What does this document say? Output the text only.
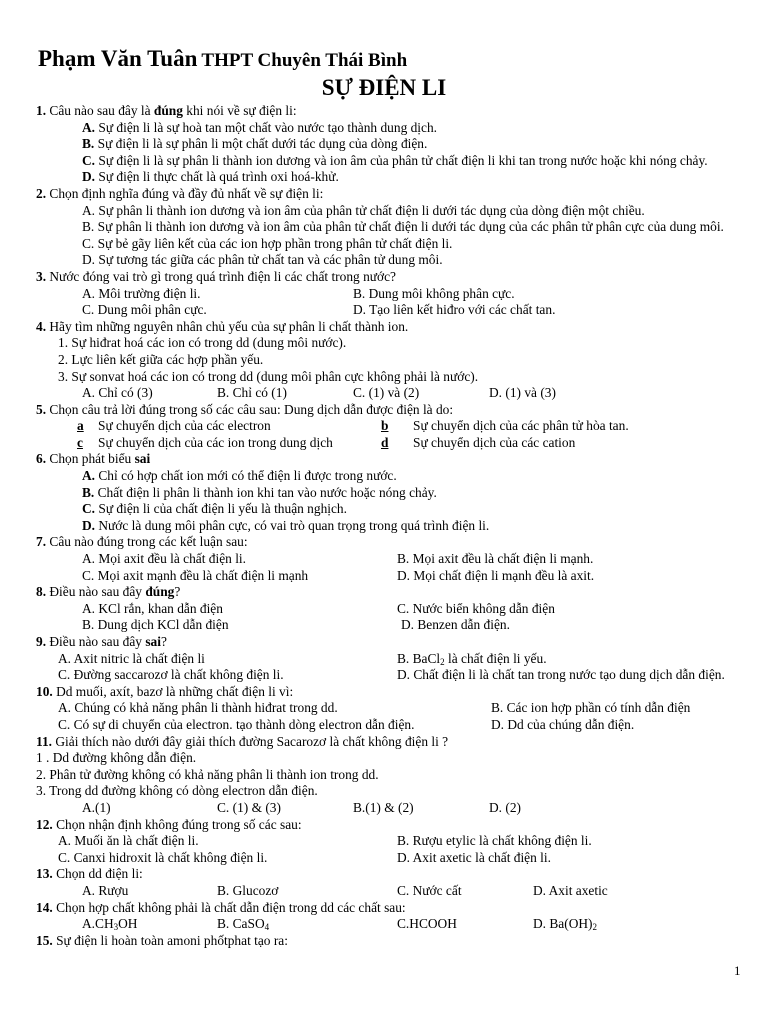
Phạm Văn Tuân THPT Chuyên Thái Bình
SỰ ĐIỆN LI
1. Câu nào sau đây là đúng khi nói về sự điện li:
A. Sự điện li là sự hoà tan một chất vào nước tạo thành dung dịch.
B. Sự điện li là sự phân li một chất dưới tác dụng của dòng điện.
C. Sự điện li là sự phân li thành ion dương và ion âm của phân tử chất điện li khi tan trong nước hoặc khi nóng chảy.
D. Sự điện li thực chất là quá trình oxi hoá-khử.
2. Chọn định nghĩa đúng và đầy đủ nhất về sự điện li:
A. Sự phân li thành ion dương và ion âm của phân tử chất điện li dưới tác dụng của dòng điện một chiều.
B. Sự phân li thành ion dương và ion âm của phân tử chất điện li dưới tác dụng của các phân tử phân cực của dung môi.
C. Sự bẻ gãy liên kết của các ion hợp phần trong phân tử chất điện li.
D. Sự tương tác giữa các phân tử chất tan và các phân tử dung môi.
3. Nước đóng vai trò gì trong quá trình điện li các chất trong nước?
A. Môi trường điện li.	B. Dung môi không phân cực.
C. Dung môi phân cực.	D. Tạo liên kết hiđro với các chất tan.
4. Hãy tìm những nguyên nhân chủ yếu của sự phân li chất thành ion.
1. Sự hiđrat hoá các ion có trong dd (dung môi nước).
2. Lực liên kết giữa các hợp phần yếu.
3. Sự sonvat hoá các ion có trong dd (dung môi phân cực không phải là nước).
A. Chỉ có (3)	B. Chỉ có (1)	C. (1) và (2)	D. (1) và (3)
5. Chọn câu trả lời đúng trong số các câu sau: Dung dịch dẫn được điện là do:
a Sự chuyển dịch của các electron	b Sự chuyển dịch của các phân tử hòa tan.
c Sự chuyển dịch của các ion trong dung dịch	d Sự chuyển dịch của các cation
6. Chọn phát biểu sai
A. Chỉ có hợp chất ion mới có thể điện li được trong nước.
B. Chất điện li phân li thành ion khi tan vào nước hoặc nóng chảy.
C. Sự điện li của chất điện li yếu là thuận nghịch.
D. Nước là dung môi phân cực, có vai trò quan trọng trong quá trình điện li.
7. Câu nào đúng trong các kết luận sau:
A. Mọi axit đều là chất điện li.	B. Mọi axit đều là chất điện li mạnh.
C. Mọi axit mạnh đều là chất điện li mạnh	D. Mọi chất điện li mạnh đều là axit.
8. Điều nào sau đây đúng?
A. KCl rắn, khan dẫn điện	C. Nước biển không dẫn điện
B. Dung dịch KCl dẫn điện	D. Benzen dẫn điện.
9. Điều nào sau đây sai?
A. Axit nitric là chất điện li	B. BaCl$_2$ là chất điện li yếu.
C. Đường saccarozơ là chất không điện li.	D. Chất điện li là chất tan trong nước tạo dung dịch dẫn điện.
10. Dd muối, axít, bazơ là những chất điện li vì:
A. Chúng có khả năng phân li thành hiđrat trong dd.	B. Các ion hợp phần có tính dẫn điện
C. Có sự di chuyển của electron. tạo thành dòng electron dẫn điện.	D. Dd của chúng dẫn điện.
11. Giải thích nào dưới đây giải thích đường Sacarozơ là chất không điện li ?
1 . Dd đường không dẫn điện.
2. Phân tử đường không có khả năng phân li thành ion trong dd.
3. Trong dd đường không có dòng electron dẫn điện.
A.(1)	C. (1) & (3)	B.(1) & (2)	D. (2)
12. Chọn nhận định không đúng trong số các sau:
A. Muối ăn là chất điện li.	B. Rượu etylic là chất không điện li.
C. Canxi hidroxit là chất không điện li.	D. Axit axetic là chất điện li.
13. Chọn dd điện li:
A. Rượu	B. Glucozơ	C. Nước cất	D. Axit axetic
14. Chọn hợp chất không phải là chất dẫn điện trong dd các chất sau:
$A.CH_3OH$	B. CaSO$_4$	C.HCOOH	D. $Ba(OH)_2$
15. Sự điện li hoàn toàn amoni phốtphat tạo ra:
1
